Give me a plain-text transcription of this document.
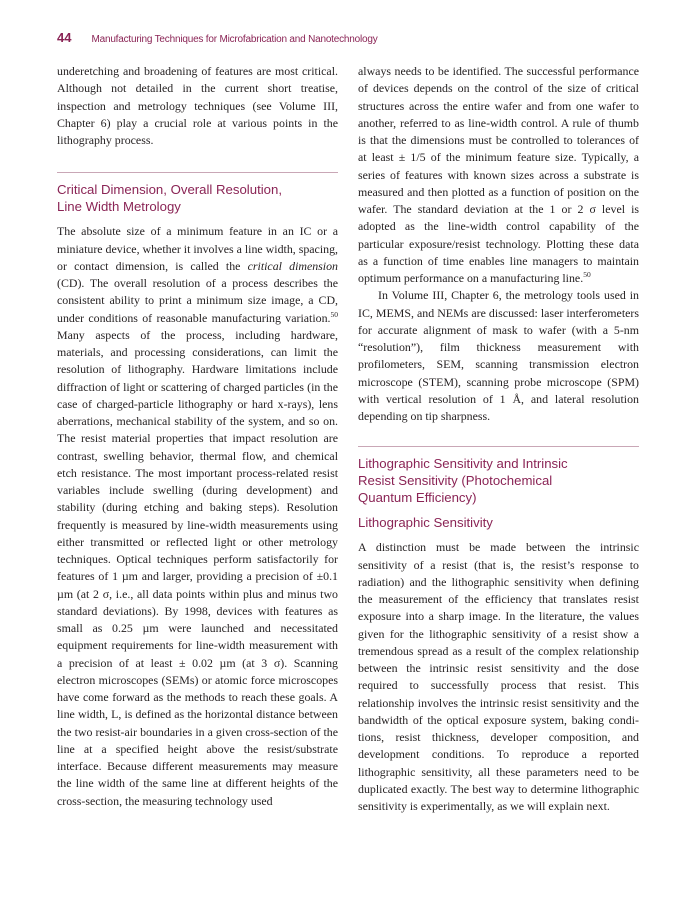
44 Manufacturing Techniques for Microfabrication and Nanotechnology

underetching and broadening of features are most critical. Although not detailed in the current short treatise, inspection and metrology techniques (see Volume III, Chapter 6) play a crucial role at various points in the lithography process.

Critical Dimension, Overall Resolution,
Line Width Metrology

The absolute size of a minimum feature in an IC or a miniature device, whether it involves a line width, spacing, or contact dimension, is called the critical dimension (CD). The overall resolution of a process describes the consistent ability to print a minimum size image, a CD, under conditions of reasonable manufacturing variation.$^{50}$ Many aspects of the process, including hardware, materials, and processing considerations, can limit the resolution of lithography. Hardware limitations include diffraction of light or scattering of charged particles (in the case of charged-particle lithography or hard x-rays), lens aberrations, mechanical stability of the system, and so on. The resist material properties that impact resolution are contrast, swelling behavior, thermal flow, and chemical etch resistance. The most important process-related resist variables include swelling (during development) and stability (during etching and baking steps). Resolution frequently is measured by line-width measurements using either transmitted or reflected light or other metrology techniques. Optical techniques perform satisfactorily for features of 1 µm and larger, providing a precision of ±0.1 µm (at 2 σ, i.e., all data points within plus and minus two standard deviations). By 1998, devices with features as small as 0.25 µm were launched and necessitated equipment requirements for line-width measurement with a precision of at least ± 0.02 µm (at 3 σ). Scanning electron microscopes (SEMs) or atomic force microscopes have come forward as the methods to reach these goals. A line width, L, is defined as the horizontal distance between the two resist-air boundaries in a given cross-section of the line at a specified height above the resist/substrate interface. Because different measurements may measure the line width of the same line at different heights of the cross-section, the measuring technology used

always needs to be identified. The successful performance of devices depends on the control of the size of critical structures across the entire wafer and from one wafer to another, referred to as line-width control. A rule of thumb is that the dimensions must be controlled to tolerances of at least ± 1/5 of the minimum feature size. Typically, a series of features with known sizes across a substrate is measured and then plotted as a function of position on the wafer. The standard deviation at the 1 or 2 σ level is adopted as the line-width control capability of the particular exposure/resist technology. Plotting these data as a function of time enables line managers to maintain optimum performance on a manufacturing line.$^{50}$

In Volume III, Chapter 6, the metrology tools used in IC, MEMS, and NEMs are discussed: laser interferometers for accurate alignment of mask to wafer (with a 5-nm “resolution”), film thickness measurement with profilometers, SEM, scanning transmission electron microscope (STEM), scanning probe microscope (SPM) with vertical resolution of 1 Å, and lateral resolution depending on tip sharpness.

Lithographic Sensitivity and Intrinsic
Resist Sensitivity (Photochemical
Quantum Efficiency)
Lithographic Sensitivity

A distinction must be made between the intrinsic sensitivity of a resist (that is, the resist’s response to radiation) and the lithographic sensitivity when defining the measurement of the efficiency that translates resist exposure into a sharp image. In the literature, the values given for the lithographic sensitivity of a resist show a tremendous spread as a result of the complex relationship between the intrinsic resist sensitivity and the dose required to successfully process that resist. This relationship involves the intrinsic resist sensitivity and the bandwidth of the optical exposure system, baking conditions, resist thickness, developer composition, and development conditions. To reproduce a reported lithographic sensitivity, all these parameters need to be duplicated exactly. The best way to determine lithographic sensitivity is experimentally, as we will explain next.
